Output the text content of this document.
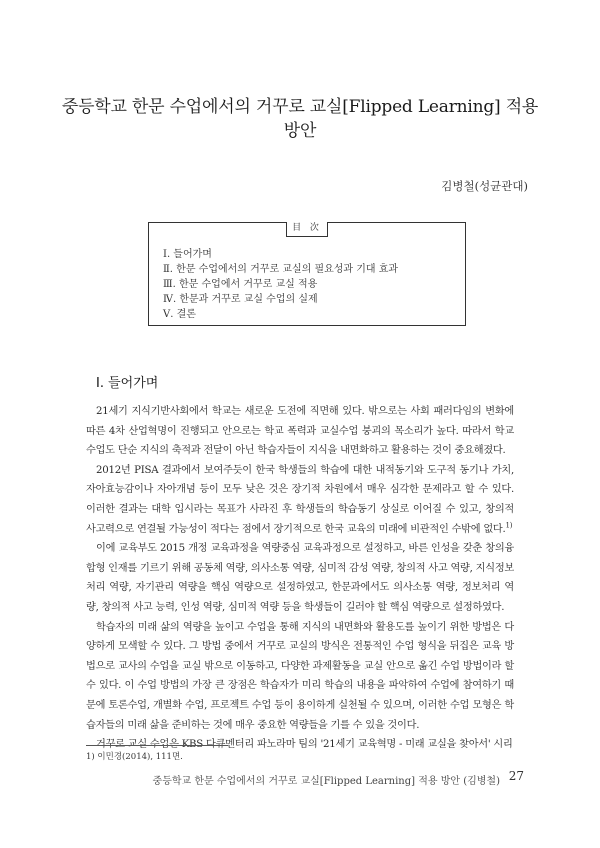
중등학교 한문 수업에서의 거꾸로 교실[Flipped Learning] 적용 방안
김병철(성균관대)
目 次
Ⅰ. 들어가며
Ⅱ. 한문 수업에서의 거꾸로 교실의 필요성과 기대 효과
Ⅲ. 한문 수업에서 거꾸로 교실 적용
Ⅳ. 한문과 거꾸로 교실 수업의 실제
Ⅴ. 결론
Ⅰ. 들어가며

21세기 지식기반사회에서 학교는 새로운 도전에 직면해 있다. 밖으로는 사회 패러다임의 변화에 따른 4차 산업혁명이 진행되고 안으로는 학교 폭력과 교실수업 붕괴의 목소리가 높다. 따라서 학교 수업도 단순 지식의 축적과 전달이 아닌 학습자들이 지식을 내면화하고 활용하는 것이 중요해졌다.

2012년 PISA 결과에서 보여주듯이 한국 학생들의 학습에 대한 내적동기와 도구적 동기나 가치, 자아효능감이나 자아개념 등이 모두 낮은 것은 장기적 차원에서 매우 심각한 문제라고 할 수 있다. 이러한 결과는 대학 입시라는 목표가 사라진 후 학생들의 학습동기 상실로 이어질 수 있고, 창의적 사고력으로 연결될 가능성이 적다는 점에서 장기적으로 한국 교육의 미래에 비관적인 수밖에 없다.$^{1)}$

이에 교육부도 2015 개정 교육과정을 역량중심 교육과정으로 설정하고, 바른 인성을 갖춘 창의융합형 인재를 기르기 위해 공동체 역량, 의사소통 역량, 심미적 감성 역량, 창의적 사고 역량, 지식정보 처리 역량, 자기관리 역량을 핵심 역량으로 설정하였고, 한문과에서도 의사소통 역량, 정보처리 역량, 창의적 사고 능력, 인성 역량, 심미적 역량 등을 학생들이 길러야 할 핵심 역량으로 설정하였다.

학습자의 미래 삶의 역량을 높이고 수업을 통해 지식의 내면화와 활용도를 높이기 위한 방법은 다양하게 모색할 수 있다. 그 방법 중에서 거꾸로 교실의 방식은 전통적인 수업 형식을 뒤집은 교육 방법으로 교사의 수업을 교실 밖으로 이동하고, 다양한 과제활동을 교실 안으로 옮긴 수업 방법이라 할 수 있다. 이 수업 방법의 가장 큰 장점은 학습자가 미리 학습의 내용을 파악하여 수업에 참여하기 때문에 토론수업, 개별화 수업, 프로젝트 수업 등이 용이하게 실천될 수 있으며, 이러한 수업 모형은 학습자들의 미래 삶을 준비하는 것에 매우 중요한 역량들을 기를 수 있을 것이다.

거꾸로 교실 수업은 KBS 다큐멘터리 파노라마 팀의 '21세기 교육혁명 - 미래 교실을 찾아서' 시리

1) 이민경(2014), 111면.
중등학교 한문 수업에서의 거꾸로 교실[Flipped Learning] 적용 방안 (김병철) 27
